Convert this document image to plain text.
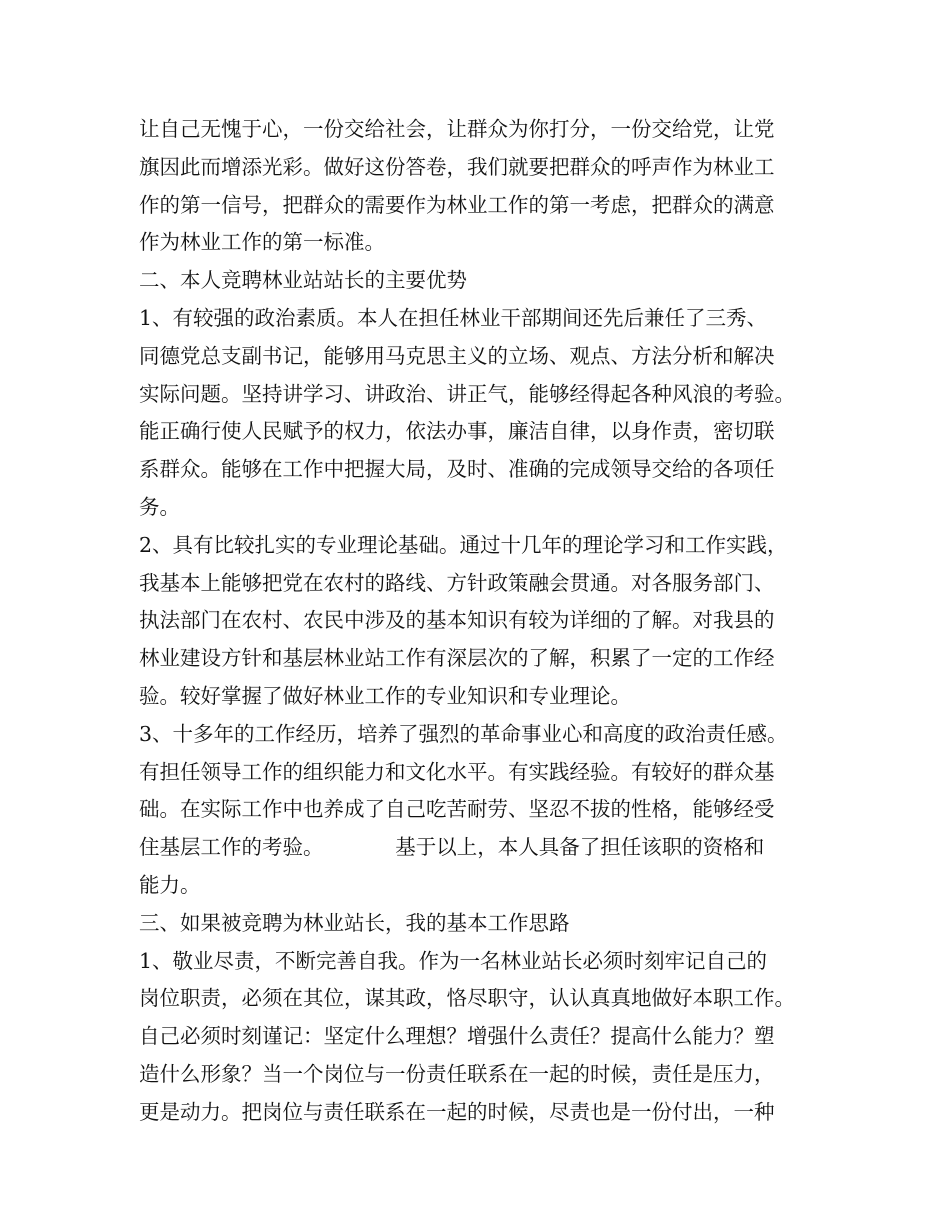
让自己无愧于心，一份交给社会，让群众为你打分，一份交给党，让党
旗因此而增添光彩。做好这份答卷，我们就要把群众的呼声作为林业工
作的第一信号，把群众的需要作为林业工作的第一考虑，把群众的满意
作为林业工作的第一标准。
二、本人竞聘林业站站长的主要优势
1、有较强的政治素质。本人在担任林业干部期间还先后兼任了三秀、
同德党总支副书记，能够用马克思主义的立场、观点、方法分析和解决
实际问题。坚持讲学习、讲政治、讲正气，能够经得起各种风浪的考验。
能正确行使人民赋予的权力，依法办事，廉洁自律，以身作责，密切联
系群众。能够在工作中把握大局，及时、准确的完成领导交给的各项任
务。
2、具有比较扎实的专业理论基础。通过十几年的理论学习和工作实践，
我基本上能够把党在农村的路线、方针政策融会贯通。对各服务部门、
执法部门在农村、农民中涉及的基本知识有较为详细的了解。对我县的
林业建设方针和基层林业站工作有深层次的了解，积累了一定的工作经
验。较好掌握了做好林业工作的专业知识和专业理论。
3、十多年的工作经历，培养了强烈的革命事业心和高度的政治责任感。
有担任领导工作的组织能力和文化水平。有实践经验。有较好的群众基
础。在实际工作中也养成了自己吃苦耐劳、坚忍不拔的性格，能够经受
住基层工作的考验。　　　　基于以上，本人具备了担任该职的资格和
能力。
三、如果被竞聘为林业站长，我的基本工作思路
1、敬业尽责，不断完善自我。作为一名林业站长必须时刻牢记自己的
岗位职责，必须在其位，谋其政，恪尽职守，认认真真地做好本职工作。
自己必须时刻谨记：坚定什么理想？增强什么责任？提高什么能力？塑
造什么形象？当一个岗位与一份责任联系在一起的时候，责任是压力，
更是动力。把岗位与责任联系在一起的时候，尽责也是一份付出，一种
